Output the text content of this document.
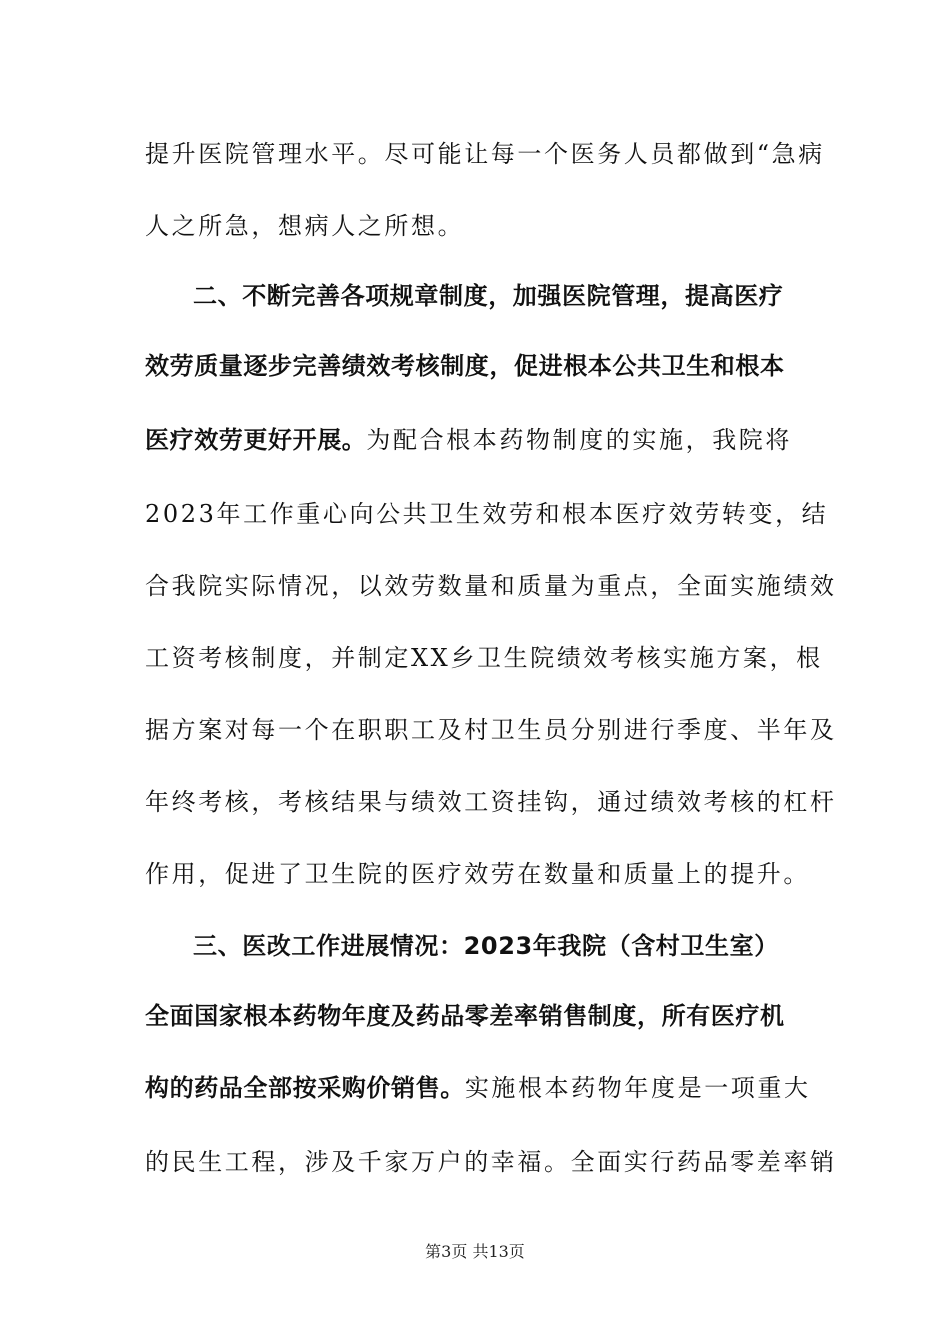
提升医院管理水平。尽可能让每一个医务人员都做到“急病
人之所急，想病人之所想。
二、不断完善各项规章制度，加强医院管理，提高医疗
效劳质量逐步完善绩效考核制度，促进根本公共卫生和根本
医疗效劳更好开展。为配合根本药物制度的实施，我院将
2023年工作重心向公共卫生效劳和根本医疗效劳转变，结
合我院实际情况，以效劳数量和质量为重点，全面实施绩效
工资考核制度，并制定XX乡卫生院绩效考核实施方案，根
据方案对每一个在职职工及村卫生员分别进行季度、半年及
年终考核，考核结果与绩效工资挂钩，通过绩效考核的杠杆
作用，促进了卫生院的医疗效劳在数量和质量上的提升。
三、医改工作进展情况：2023年我院（含村卫生室）
全面国家根本药物年度及药品零差率销售制度，所有医疗机
构的药品全部按采购价销售。实施根本药物年度是一项重大
的民生工程，涉及千家万户的幸福。全面实行药品零差率销
第3页 共13页
